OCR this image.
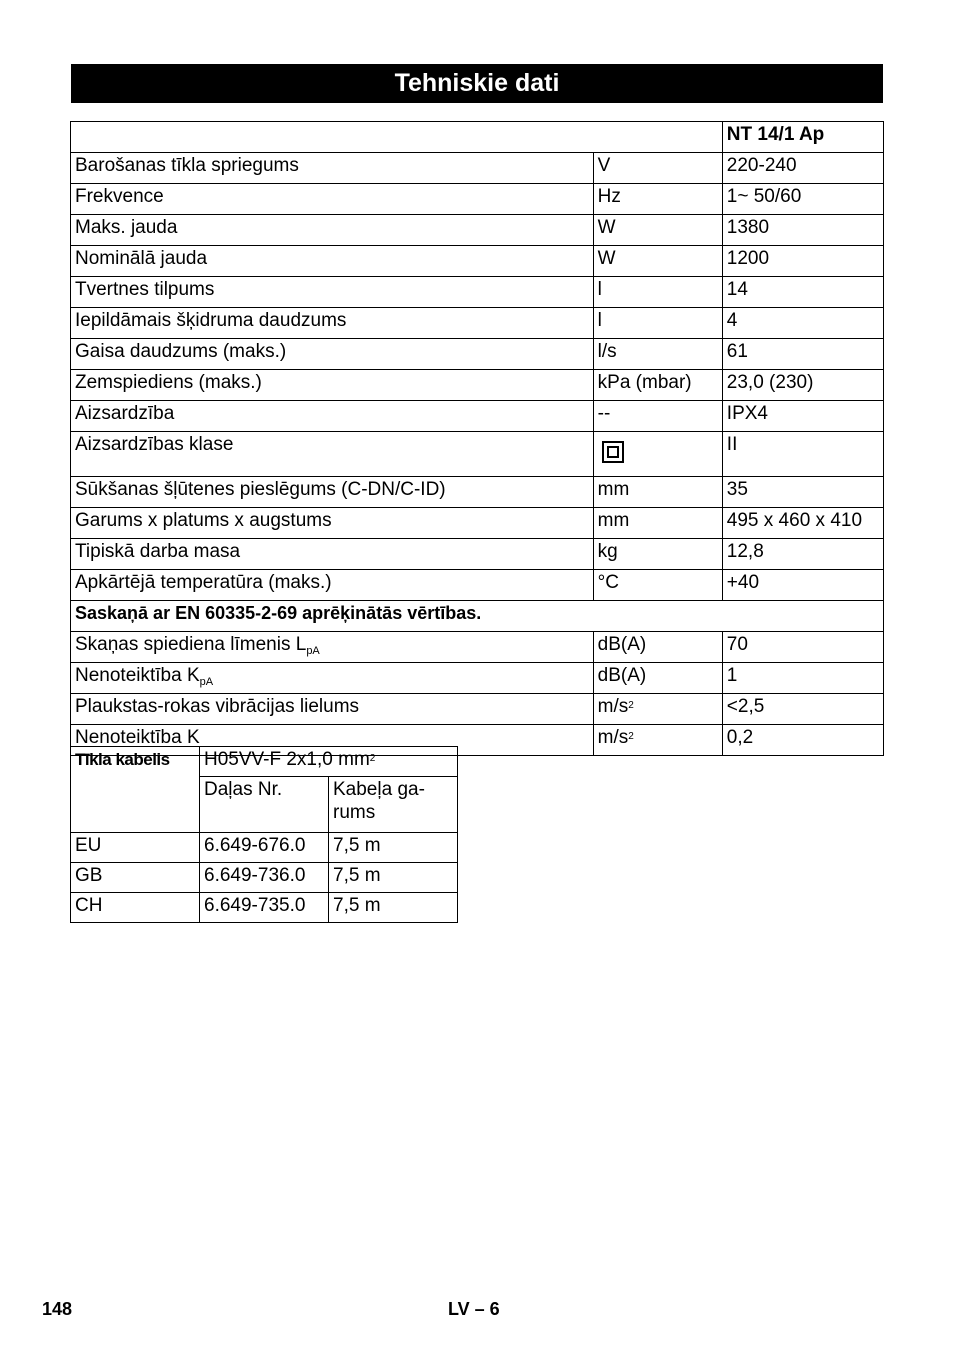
Tehniskie dati
		NT 14/1 Ap
Barošanas tīkla spriegums	V	220-240
Frekvence	Hz	1~ 50/60
Maks. jauda	W	1380
Nominālā jauda	W	1200
Tvertnes tilpums	l	14
Iepildāmais šķidruma daudzums	l	4
Gaisa daudzums (maks.)	l/s	61
Zemspiediens (maks.)	kPa (mbar)	23,0 (230)
Aizsardzība	--	IPX4
Aizsardzības klase		II
Sūkšanas šļūtenes pieslēgums (C-DN/C-ID)	mm	35
Garums x platums x augstums	mm	495 x 460 x 410
Tipiskā darba masa	kg	12,8
Apkārtējā temperatūra (maks.)	°C	+40
Saskaņā ar EN 60335-2-69 aprēķinātās vērtības.		
Skaņas spiediena līmenis $L_{pA}$	dB(A)	70
Nenoteiktība $K_{pA}$	dB(A)	1
Plaukstas-rokas vibrācijas lielums	$m/s^2$	<2,5
Nenoteiktība K	$m/s^2$	0,2
Tīkla kabelis	H05VV-F 2x1,0 $mm^2$
	Daļas Nr.	Kabeļa ga-
rums
EU	6.649-676.0	7,5 m
GB	6.649-736.0	7,5 m
CH	6.649-735.0	7,5 m
148	LV – 6
